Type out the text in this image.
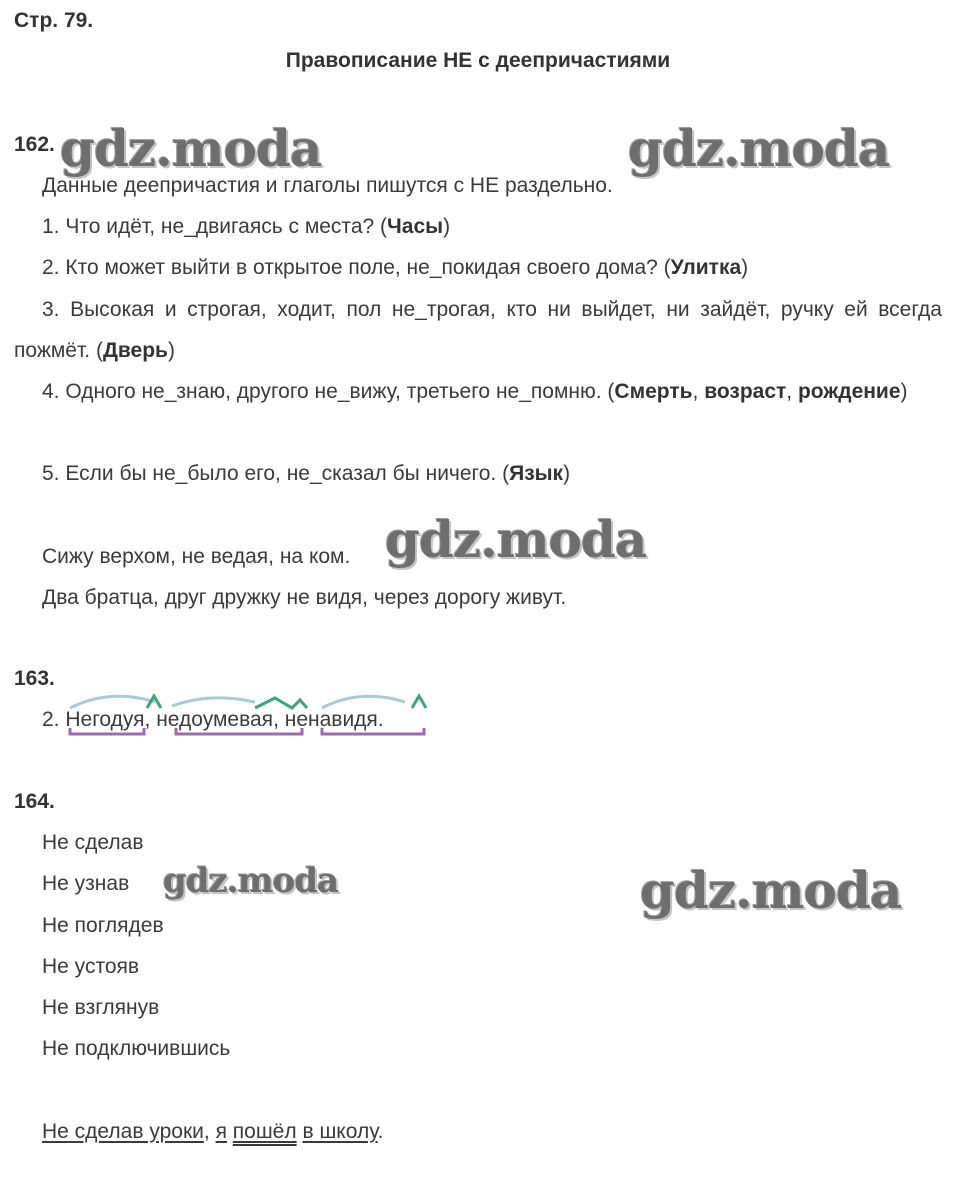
Стр. 79.
Правописание НЕ с деепричастиями
162.
Данные деепричастия и глаголы пишутся с НЕ раздельно.
1. Что идёт, не_двигаясь с места? (Часы)
2. Кто может выйти в открытое поле, не_покидая своего дома? (Улитка)
3. Высокая и строгая, ходит, пол не_трогая, кто ни выйдет, ни зайдёт, ручку ей всегда пожмёт. (Дверь)
4. Одного не_знаю, другого не_вижу, третьего не_помню. (Смерть, возраст, рождение)
5. Если бы не_было его, не_сказал бы ничего. (Язык)
Сижу верхом, не ведая, на ком.
Два братца, друг дружку не видя, через дорогу живут.
163.
2. Негодуя, недоумевая, ненавидя.
164.
Не сделав
Не узнав
Не поглядев
Не устояв
Не взглянув
Не подключившись
Не сделав уроки, я пошёл в школу.
gdz.moda	gdz.moda
gdz.moda
gdz.moda	gdz.moda
